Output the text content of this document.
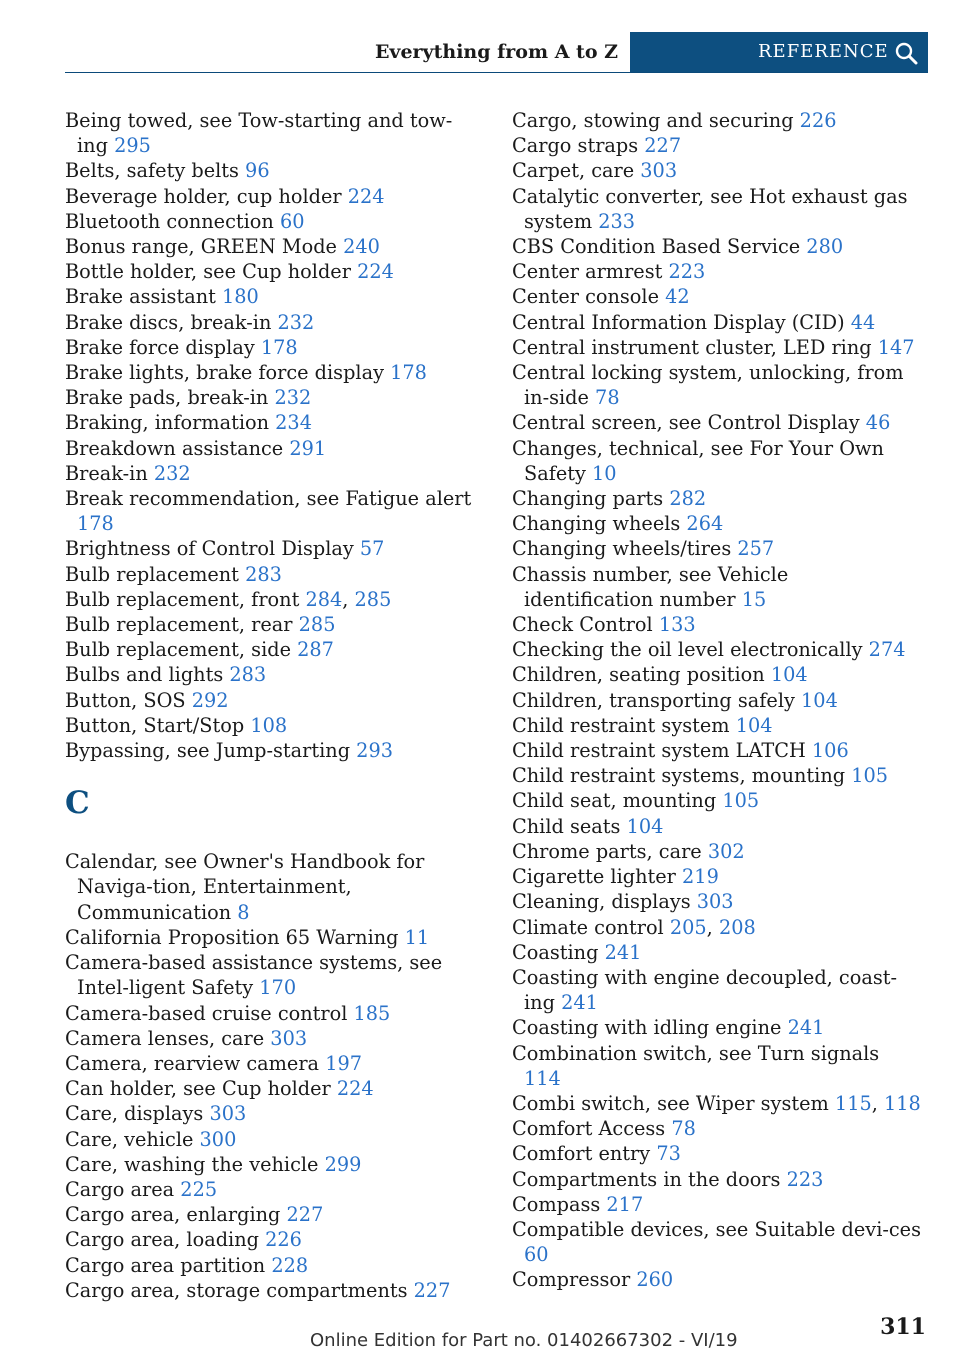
Everything from A to Z	REFERENCE
Being towed, see Tow-starting and tow-ing 295
Belts, safety belts 96
Beverage holder, cup holder 224
Bluetooth connection 60
Bonus range, GREEN Mode 240
Bottle holder, see Cup holder 224
Brake assistant 180
Brake discs, break-in 232
Brake force display 178
Brake lights, brake force display 178
Brake pads, break-in 232
Braking, information 234
Breakdown assistance 291
Break-in 232
Break recommendation, see Fatigue alert 178
Brightness of Control Display 57
Bulb replacement 283
Bulb replacement, front 284, 285
Bulb replacement, rear 285
Bulb replacement, side 287
Bulbs and lights 283
Button, SOS 292
Button, Start/Stop 108
Bypassing, see Jump-starting 293
C
Calendar, see Owner's Handbook for Naviga-tion, Entertainment, Communication 8
California Proposition 65 Warning 11
Camera-based assistance systems, see Intel-ligent Safety 170
Camera-based cruise control 185
Camera lenses, care 303
Camera, rearview camera 197
Can holder, see Cup holder 224
Care, displays 303
Care, vehicle 300
Care, washing the vehicle 299
Cargo area 225
Cargo area, enlarging 227
Cargo area, loading 226
Cargo area partition 228
Cargo area, storage compartments 227
Cargo, stowing and securing 226
Cargo straps 227
Carpet, care 303
Catalytic converter, see Hot exhaust gas system 233
CBS Condition Based Service 280
Center armrest 223
Center console 42
Central Information Display (CID) 44
Central instrument cluster, LED ring 147
Central locking system, unlocking, from in-side 78
Central screen, see Control Display 46
Changes, technical, see For Your Own Safety 10
Changing parts 282
Changing wheels 264
Changing wheels/tires 257
Chassis number, see Vehicle identification number 15
Check Control 133
Checking the oil level electronically 274
Children, seating position 104
Children, transporting safely 104
Child restraint system 104
Child restraint system LATCH 106
Child restraint systems, mounting 105
Child seat, mounting 105
Child seats 104
Chrome parts, care 302
Cigarette lighter 219
Cleaning, displays 303
Climate control 205, 208
Coasting 241
Coasting with engine decoupled, coast-ing 241
Coasting with idling engine 241
Combination switch, see Turn signals 114
Combi switch, see Wiper system 115, 118
Comfort Access 78
Comfort entry 73
Compartments in the doors 223
Compass 217
Compatible devices, see Suitable devi-ces 60
Compressor 260
311
Online Edition for Part no. 01402667302 - VI/19
